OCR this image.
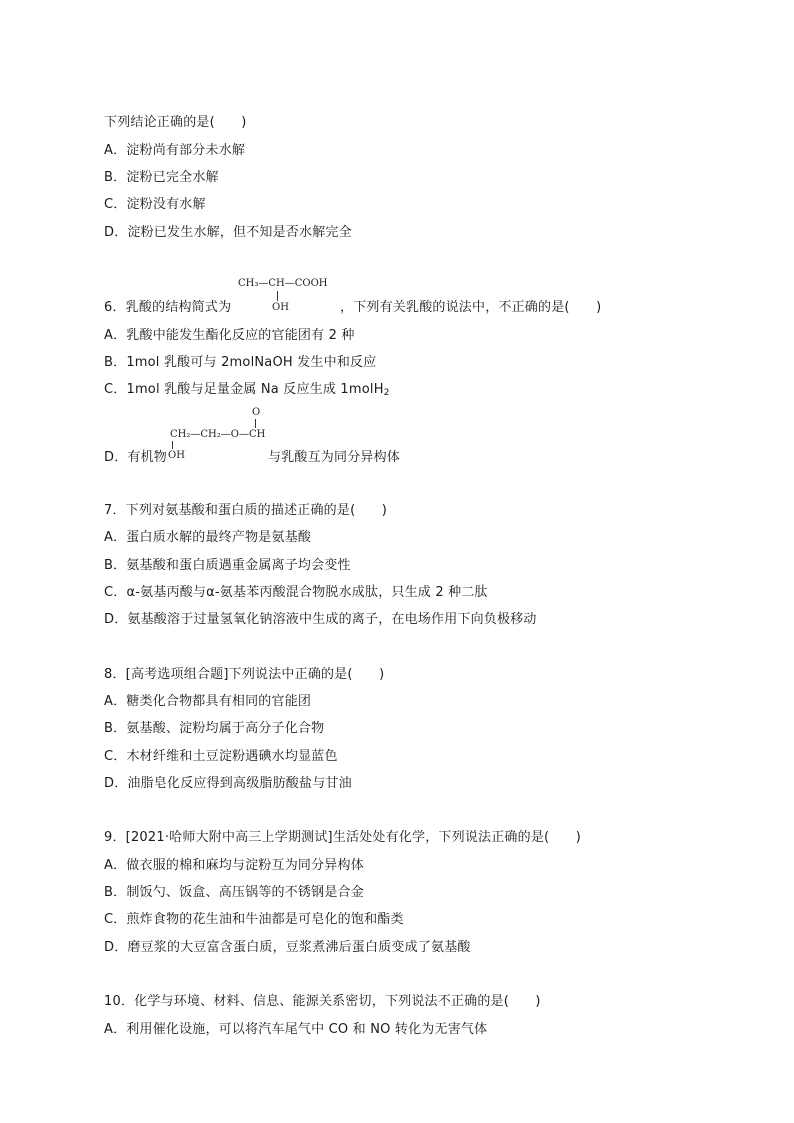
下列结论正确的是(　　)
A．淀粉尚有部分未水解
B．淀粉已完全水解
C．淀粉没有水解
D．淀粉已发生水解，但不知是否水解完全
CH₃—CH—COOH
OH
6．乳酸的结构简式为	，下列有关乳酸的说法中，不正确的是(　　)
A．乳酸中能发生酯化反应的官能团有 2 种
B．1mol 乳酸可与 2molNaOH 发生中和反应
C．1mol 乳酸与足量金属 Na 反应生成 1molH$_2$
O
CH₂—CH₂—O—CH
OH
D．有机物	与乳酸互为同分异构体
7．下列对氨基酸和蛋白质的描述正确的是(　　)
A．蛋白质水解的最终产物是氨基酸
B．氨基酸和蛋白质遇重金属离子均会变性
C．α-氨基丙酸与α-氨基苯丙酸混合物脱水成肽，只生成 2 种二肽
D．氨基酸溶于过量氢氧化钠溶液中生成的离子，在电场作用下向负极移动
8．[高考选项组合题]下列说法中正确的是(　　)
A．糖类化合物都具有相同的官能团
B．氨基酸、淀粉均属于高分子化合物
C．木材纤维和土豆淀粉遇碘水均显蓝色
D．油脂皂化反应得到高级脂肪酸盐与甘油
9．[2021·哈师大附中高三上学期测试]生活处处有化学，下列说法正确的是(　　)
A．做衣服的棉和麻均与淀粉互为同分异构体
B．制饭勺、饭盒、高压锅等的不锈钢是合金
C．煎炸食物的花生油和牛油都是可皂化的饱和酯类
D．磨豆浆的大豆富含蛋白质，豆浆煮沸后蛋白质变成了氨基酸
10．化学与环境、材料、信息、能源关系密切，下列说法不正确的是(　　)
A．利用催化设施，可以将汽车尾气中 CO 和 NO 转化为无害气体
